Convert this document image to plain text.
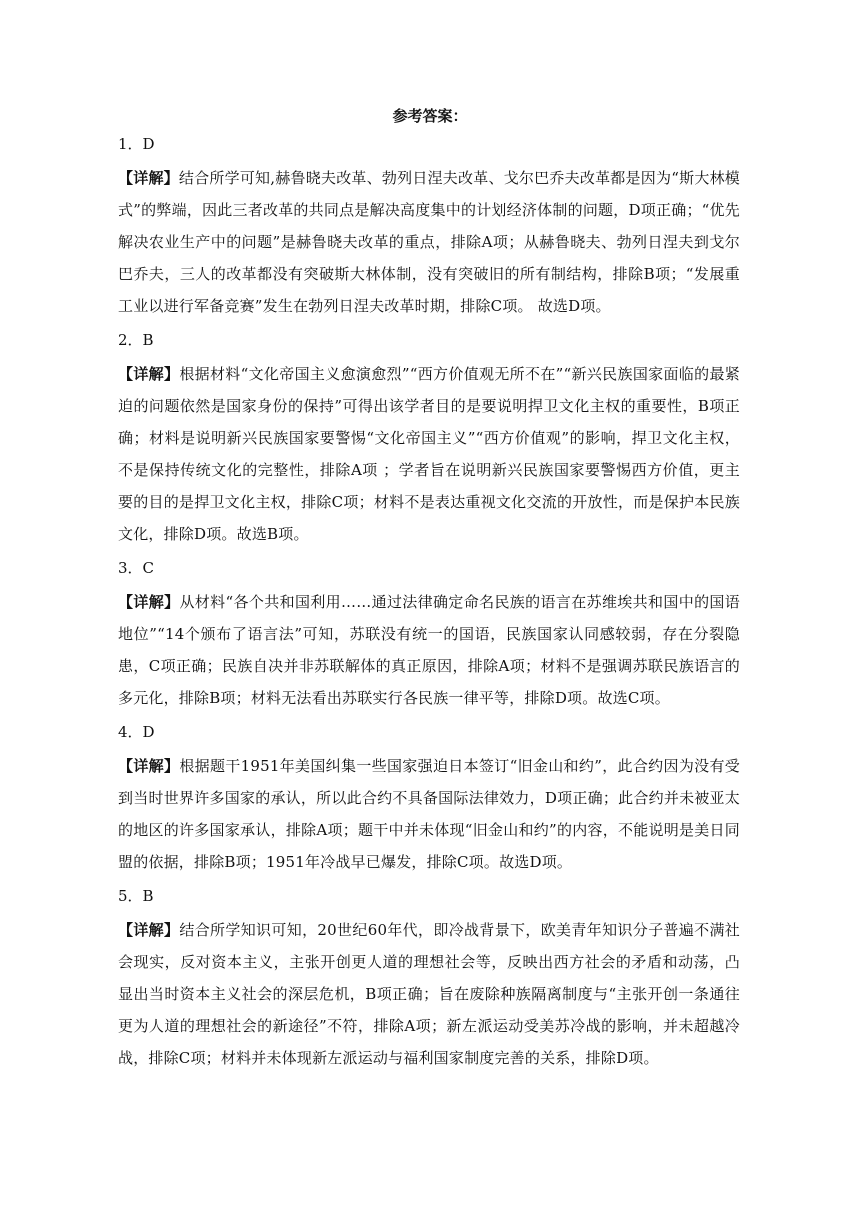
参考答案：
1．D
【详解】结合所学可知,赫鲁晓夫改革、勃列日涅夫改革、戈尔巴乔夫改革都是因为“斯大林模式”的弊端，因此三者改革的共同点是解决高度集中的计划经济体制的问题，D项正确；“优先解决农业生产中的问题”是赫鲁晓夫改革的重点，排除A项；从赫鲁晓夫、勃列日涅夫到戈尔巴乔夫，三人的改革都没有突破斯大林体制，没有突破旧的所有制结构，排除B项；“发展重工业以进行军备竞赛”发生在勃列日涅夫改革时期，排除C项。 故选D项。
2．B
【详解】根据材料“文化帝国主义愈演愈烈”“西方价值观无所不在”“新兴民族国家面临的最紧迫的问题依然是国家身份的保持”可得出该学者目的是要说明捍卫文化主权的重要性，B项正确；材料是说明新兴民族国家要警惕“文化帝国主义”“西方价值观”的影响，捍卫文化主权，不是保持传统文化的完整性，排除A项 ；学者旨在说明新兴民族国家要警惕西方价值，更主要的目的是捍卫文化主权，排除C项；材料不是表达重视文化交流的开放性，而是保护本民族文化，排除D项。故选B项。
3．C
【详解】从材料“各个共和国利用……通过法律确定命名民族的语言在苏维埃共和国中的国语地位”“14个颁布了语言法”可知，苏联没有统一的国语，民族国家认同感较弱，存在分裂隐患，C项正确；民族自决并非苏联解体的真正原因，排除A项；材料不是强调苏联民族语言的多元化，排除B项；材料无法看出苏联实行各民族一律平等，排除D项。故选C项。
4．D
【详解】根据题干1951年美国纠集一些国家强迫日本签订“旧金山和约”，此合约因为没有受到当时世界许多国家的承认，所以此合约不具备国际法律效力，D项正确；此合约并未被亚太的地区的许多国家承认，排除A项；题干中并未体现“旧金山和约”的内容，不能说明是美日同盟的依据，排除B项；1951年冷战早已爆发，排除C项。故选D项。
5．B
【详解】结合所学知识可知，20世纪60年代，即冷战背景下，欧美青年知识分子普遍不满社会现实，反对资本主义，主张开创更人道的理想社会等，反映出西方社会的矛盾和动荡，凸显出当时资本主义社会的深层危机，B项正确；旨在废除种族隔离制度与“主张开创一条通往更为人道的理想社会的新途径”不符，排除A项；新左派运动受美苏冷战的影响，并未超越冷战，排除C项；材料并未体现新左派运动与福利国家制度完善的关系，排除D项。
